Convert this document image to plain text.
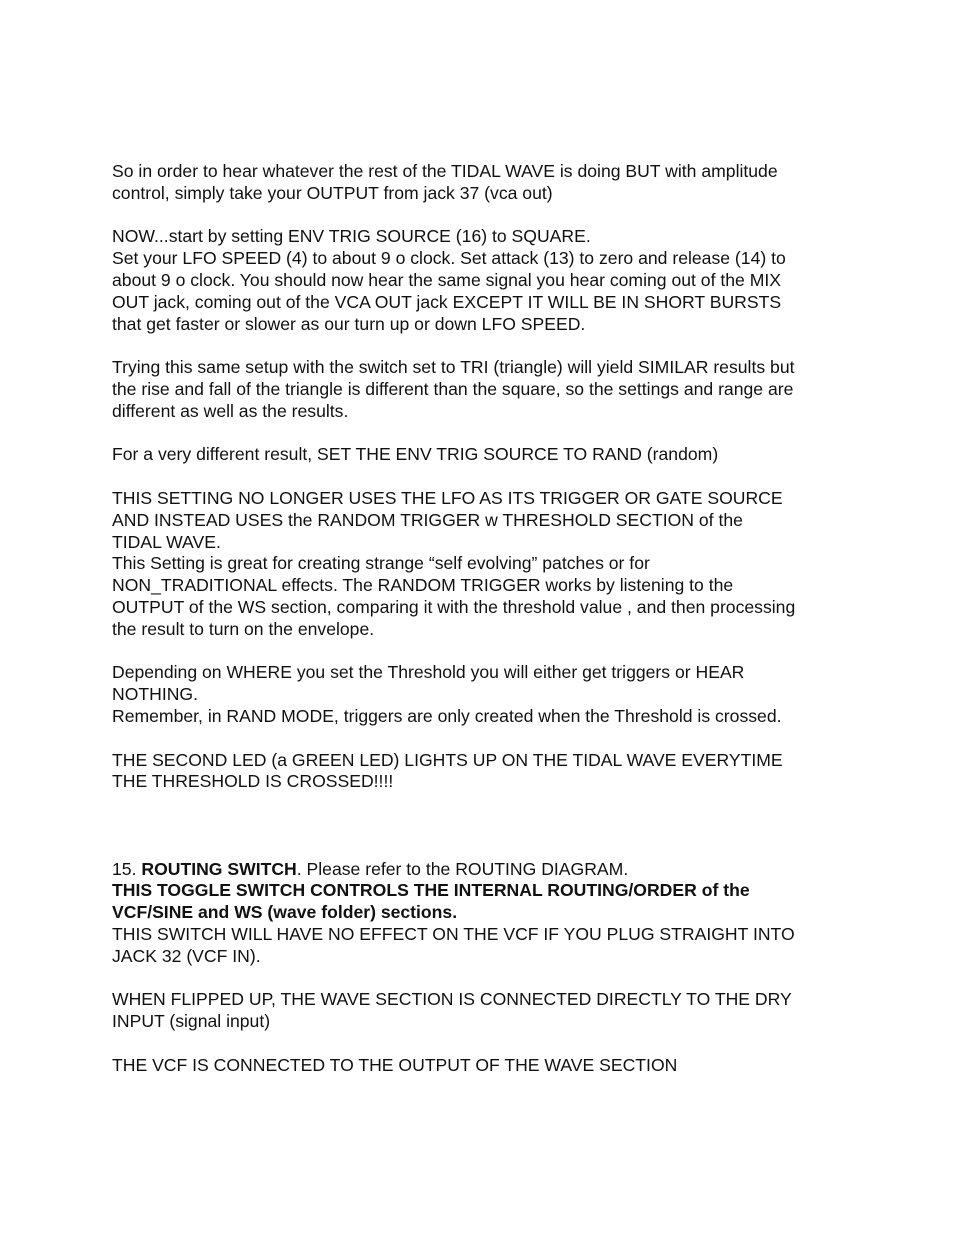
So in order to hear whatever the rest of the TIDAL WAVE is doing BUT with amplitude
control, simply take your OUTPUT from jack 37 (vca out)

NOW...start by setting ENV TRIG SOURCE (16) to SQUARE.
Set your LFO SPEED (4) to about 9 o clock. Set attack (13) to zero and release (14) to
about 9 o clock. You should now hear the same signal you hear coming out of the MIX
OUT jack, coming out of the VCA OUT jack EXCEPT IT WILL BE IN SHORT BURSTS
that get faster or slower as our turn up or down LFO SPEED.

Trying this same setup with the switch set to TRI (triangle) will yield SIMILAR results but
the rise and fall of the triangle is different than the square, so the settings and range are
different as well as the results.

For a very different result, SET THE ENV TRIG SOURCE TO RAND (random)

THIS SETTING NO LONGER USES THE LFO AS ITS TRIGGER OR GATE SOURCE
AND INSTEAD USES the RANDOM TRIGGER w THRESHOLD SECTION of the
TIDAL WAVE.
This Setting is great for creating strange “self evolving” patches or for
NON_TRADITIONAL effects. The RANDOM TRIGGER works by listening to the
OUTPUT of the WS section, comparing it with the threshold value , and then processing
the result to turn on the envelope.

Depending on WHERE you set the Threshold you will either get triggers or HEAR
NOTHING.
Remember, in RAND MODE, triggers are only created when the Threshold is crossed.

THE SECOND LED (a GREEN LED) LIGHTS UP ON THE TIDAL WAVE EVERYTIME
THE THRESHOLD IS CROSSED!!!!

15. ROUTING SWITCH. Please refer to the ROUTING DIAGRAM.
THIS TOGGLE SWITCH CONTROLS THE INTERNAL ROUTING/ORDER of the
VCF/SINE and WS (wave folder) sections.
THIS SWITCH WILL HAVE NO EFFECT ON THE VCF IF YOU PLUG STRAIGHT INTO
JACK 32 (VCF IN).

WHEN FLIPPED UP, THE WAVE SECTION IS CONNECTED DIRECTLY TO THE DRY
INPUT (signal input)

THE VCF IS CONNECTED TO THE OUTPUT OF THE WAVE SECTION
